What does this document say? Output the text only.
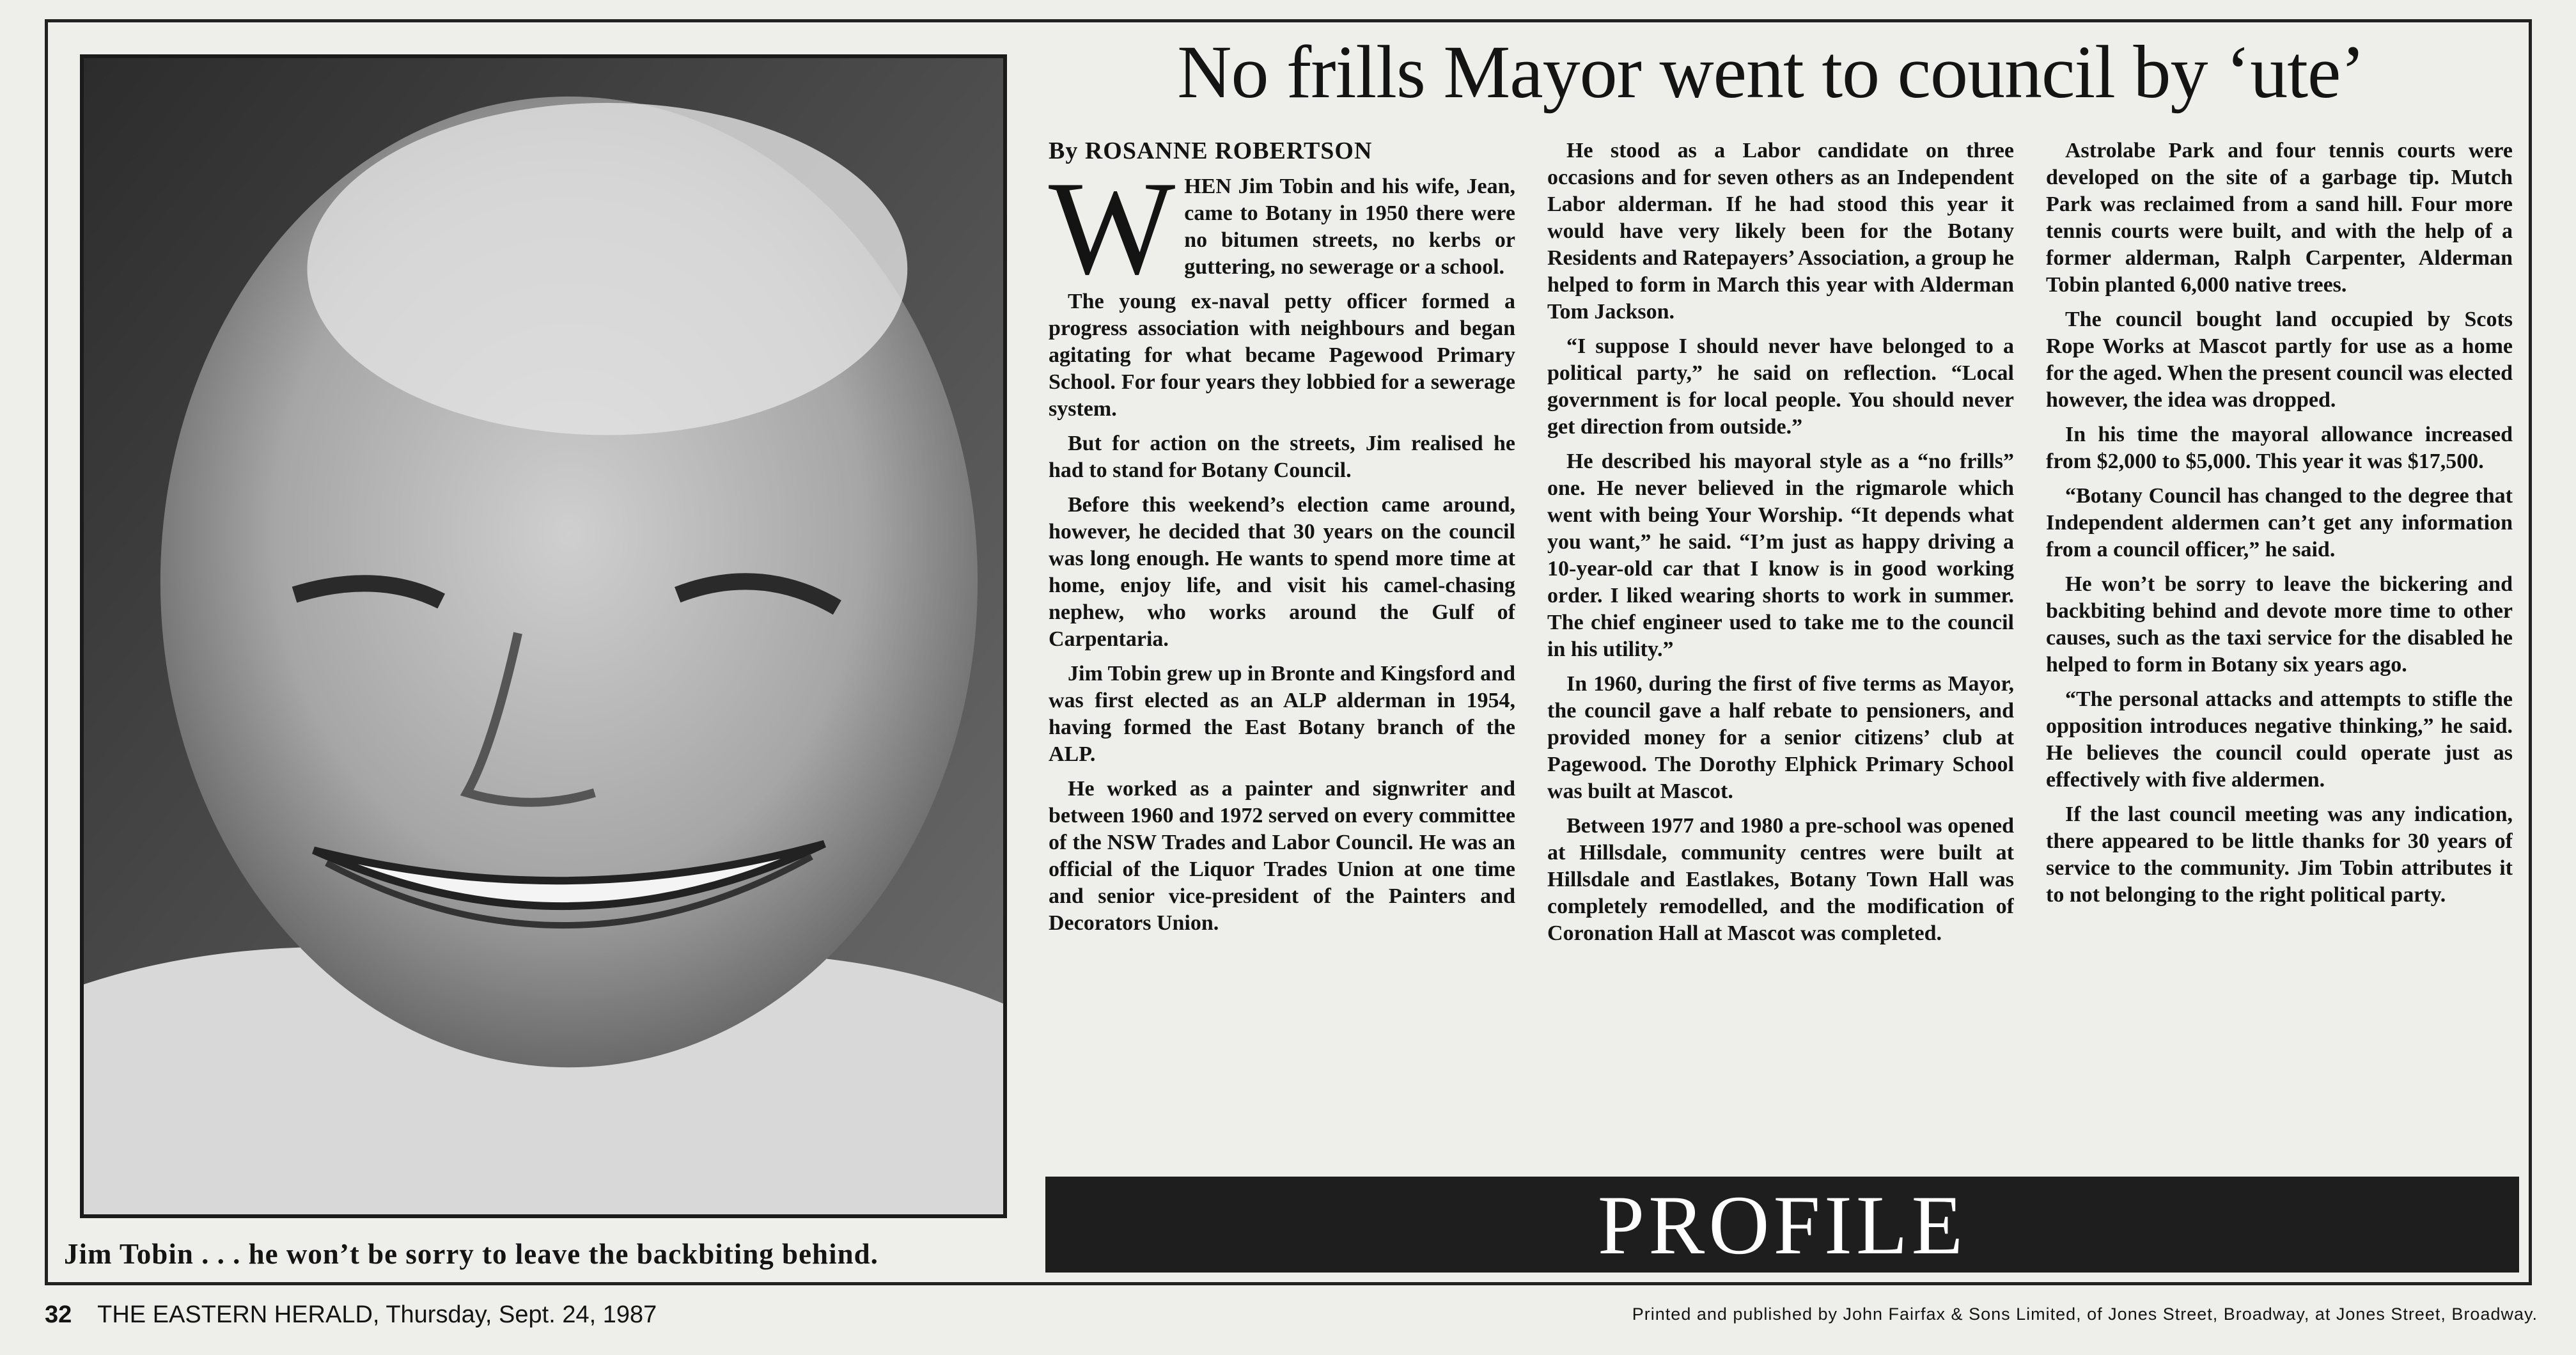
Jim Tobin . . . he won’t be sorry to leave the backbiting behind.
No frills Mayor went to council by ‘ute’
By ROSANNE ROBERTSON

WHEN Jim Tobin and his wife, Jean, came to Botany in 1950 there were no bitumen streets, no kerbs or guttering, no sewerage or a school.

The young ex-naval petty officer formed a progress association with neighbours and began agitating for what became Pagewood Primary School. For four years they lobbied for a sewerage system.

But for action on the streets, Jim realised he had to stand for Botany Council.

Before this weekend’s election came around, however, he decided that 30 years on the council was long enough. He wants to spend more time at home, enjoy life, and visit his camel-chasing nephew, who works around the Gulf of Carpentaria.

Jim Tobin grew up in Bronte and Kingsford and was first elected as an ALP alderman in 1954, having formed the East Botany branch of the ALP.

He worked as a painter and signwriter and between 1960 and 1972 served on every committee of the NSW Trades and Labor Council. He was an official of the Liquor Trades Union at one time and senior vice-president of the Painters and Decorators Union.

He stood as a Labor candidate on three occasions and for seven others as an Independent Labor alderman. If he had stood this year it would have very likely been for the Botany Residents and Ratepayers’ Association, a group he helped to form in March this year with Alderman Tom Jackson.

“I suppose I should never have belonged to a political party,” he said on reflection. “Local government is for local people. You should never get direction from outside.”

He described his mayoral style as a “no frills” one. He never believed in the rigmarole which went with being Your Worship. “It depends what you want,” he said. “I’m just as happy driving a 10-year-old car that I know is in good working order. I liked wearing shorts to work in summer. The chief engineer used to take me to the council in his utility.”

In 1960, during the first of five terms as Mayor, the council gave a half rebate to pensioners, and provided money for a senior citizens’ club at Pagewood. The Dorothy Elphick Primary School was built at Mascot.

Between 1977 and 1980 a pre-school was opened at Hillsdale, community centres were built at Hillsdale and Eastlakes, Botany Town Hall was completely remodelled, and the modification of Coronation Hall at Mascot was completed.

Astrolabe Park and four tennis courts were developed on the site of a garbage tip. Mutch Park was reclaimed from a sand hill. Four more tennis courts were built, and with the help of a former alderman, Ralph Carpenter, Alderman Tobin planted 6,000 native trees.

The council bought land occupied by Scots Rope Works at Mascot partly for use as a home for the aged. When the present council was elected however, the idea was dropped.

In his time the mayoral allowance increased from $2,000 to $5,000. This year it was $17,500.

“Botany Council has changed to the degree that Independent aldermen can’t get any information from a council officer,” he said.

He won’t be sorry to leave the bickering and backbiting behind and devote more time to other causes, such as the taxi service for the disabled he helped to form in Botany six years ago.

“The personal attacks and attempts to stifle the opposition introduces negative thinking,” he said. He believes the council could operate just as effectively with five aldermen.

If the last council meeting was any indication, there appeared to be little thanks for 30 years of service to the community. Jim Tobin attributes it to not belonging to the right political party.

PROFILE
32 THE EASTERN HERALD, Thursday, Sept. 24, 1987	Printed and published by John Fairfax & Sons Limited, of Jones Street, Broadway, at Jones Street, Broadway.
